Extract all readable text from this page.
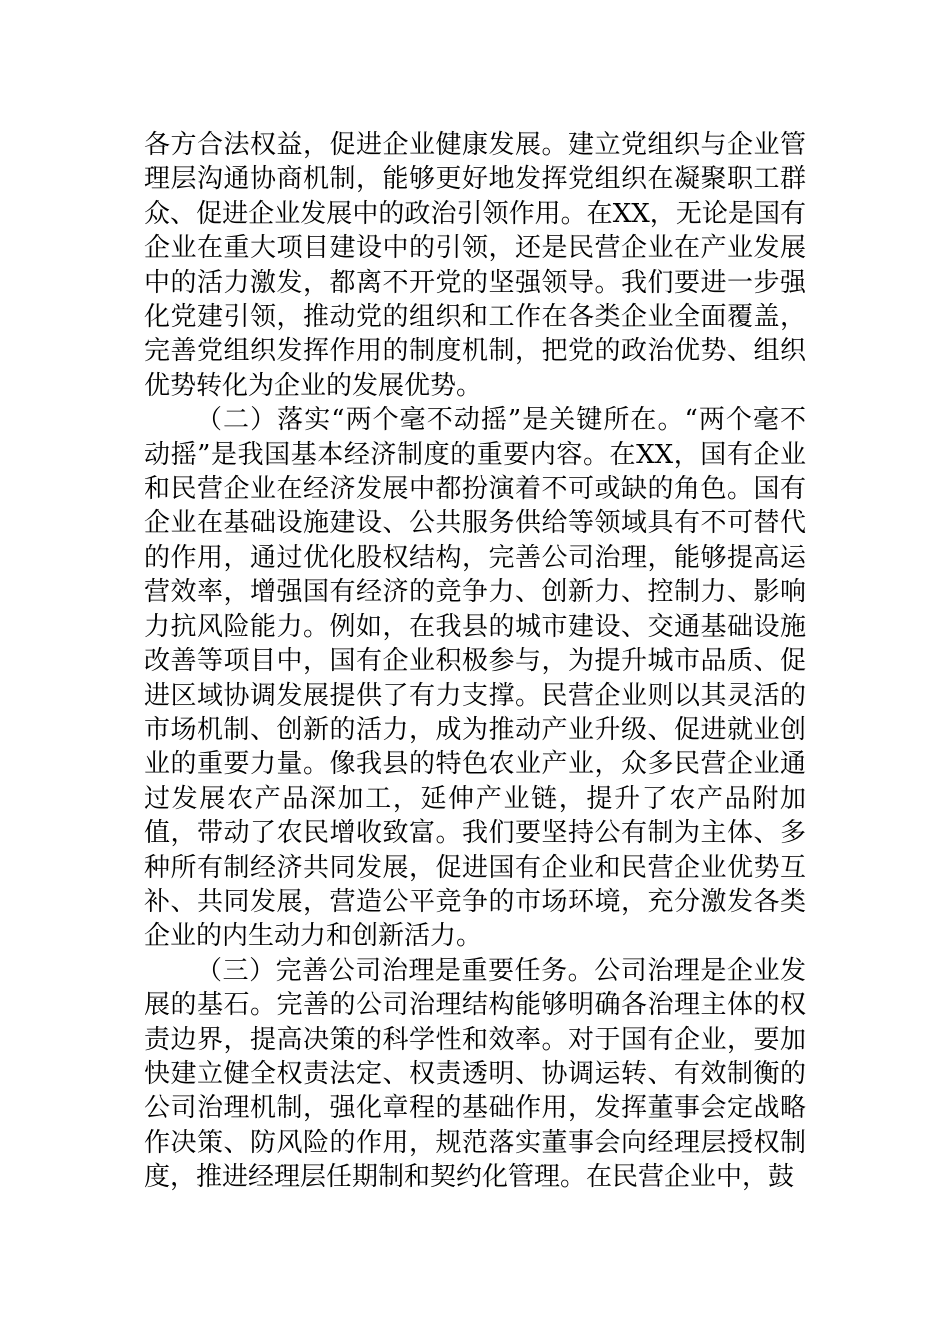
各方合法权益，促进企业健康发展。建立党组织与企业管理层沟通协商机制，能够更好地发挥党组织在凝聚职工群众、促进企业发展中的政治引领作用。在XX，无论是国有企业在重大项目建设中的引领，还是民营企业在产业发展中的活力激发，都离不开党的坚强领导。我们要进一步强化党建引领，推动党的组织和工作在各类企业全面覆盖，完善党组织发挥作用的制度机制，把党的政治优势、组织优势转化为企业的发展优势。

（二）落实“两个毫不动摇”是关键所在。“两个毫不动摇”是我国基本经济制度的重要内容。在XX，国有企业和民营企业在经济发展中都扮演着不可或缺的角色。国有企业在基础设施建设、公共服务供给等领域具有不可替代的作用，通过优化股权结构，完善公司治理，能够提高运营效率，增强国有经济的竞争力、创新力、控制力、影响力抗风险能力。例如，在我县的城市建设、交通基础设施改善等项目中，国有企业积极参与，为提升城市品质、促进区域协调发展提供了有力支撑。民营企业则以其灵活的市场机制、创新的活力，成为推动产业升级、促进就业创业的重要力量。像我县的特色农业产业，众多民营企业通过发展农产品深加工，延伸产业链，提升了农产品附加值，带动了农民增收致富。我们要坚持公有制为主体、多种所有制经济共同发展，促进国有企业和民营企业优势互补、共同发展，营造公平竞争的市场环境，充分激发各类企业的内生动力和创新活力。

（三）完善公司治理是重要任务。公司治理是企业发展的基石。完善的公司治理结构能够明确各治理主体的权责边界，提高决策的科学性和效率。对于国有企业，要加快建立健全权责法定、权责透明、协调运转、有效制衡的公司治理机制，强化章程的基础作用，发挥董事会定战略作决策、防风险的作用，规范落实董事会向经理层授权制度，推进经理层任期制和契约化管理。在民营企业中，鼓
